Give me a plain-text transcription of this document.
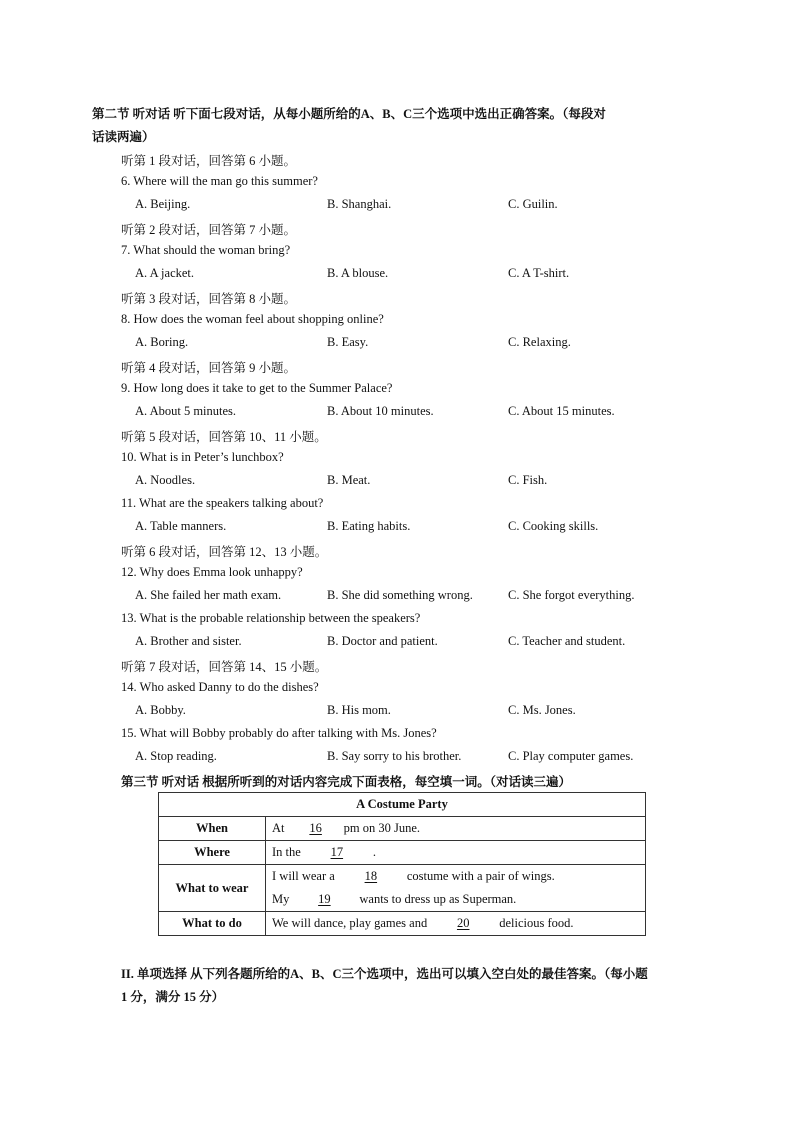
第二节 听对话 听下面七段对话，从每小题所给的A、B、C三个选项中选出正确答案。（每段对
话读两遍）
听第 1 段对话，回答第 6 小题。
6. Where will the man go this summer?
A. Beijing.	B. Shanghai.	C. Guilin.
听第 2 段对话，回答第 7 小题。
7. What should the woman bring?
A. A jacket.	B. A blouse.	C. A T-shirt.
听第 3 段对话，回答第 8 小题。
8. How does the woman feel about shopping online?
A. Boring.	B. Easy.	C. Relaxing.
听第 4 段对话，回答第 9 小题。
9. How long does it take to get to the Summer Palace?
A. About 5 minutes.	B. About 10 minutes.	C. About 15 minutes.
听第 5 段对话，回答第 10、11 小题。
10. What is in Peter’s lunchbox?
A. Noodles.	B. Meat.	C. Fish.
11. What are the speakers talking about?
A. Table manners.	B. Eating habits.	C. Cooking skills.
听第 6 段对话，回答第 12、13 小题。
12. Why does Emma look unhappy?
A. She failed her math exam.	B. She did something wrong.	C. She forgot everything.
13. What is the probable relationship between the speakers?
A. Brother and sister.	B. Doctor and patient.	C. Teacher and student.
听第 7 段对话，回答第 14、15 小题。
14. Who asked Danny to do the dishes?
A. Bobby.	B. His mom.	C. Ms. Jones.
15. What will Bobby probably do after talking with Ms. Jones?
A. Stop reading.	B. Say sorry to his brother.	C. Play computer games.
第三节 听对话 根据所听到的对话内容完成下面表格，每空填一词。（对话读三遍）
A Costume Party	
When	At 16 pm on 30 June.
Where	In the 17 .
What to wear	I will wear a 18 costume with a pair of wings.
	My 19 wants to dress up as Superman.
What to do	We will dance, play games and 20 delicious food.
II. 单项选择 从下列各题所给的A、B、C三个选项中，选出可以填入空白处的最佳答案。（每小题
1 分，满分 15 分）
